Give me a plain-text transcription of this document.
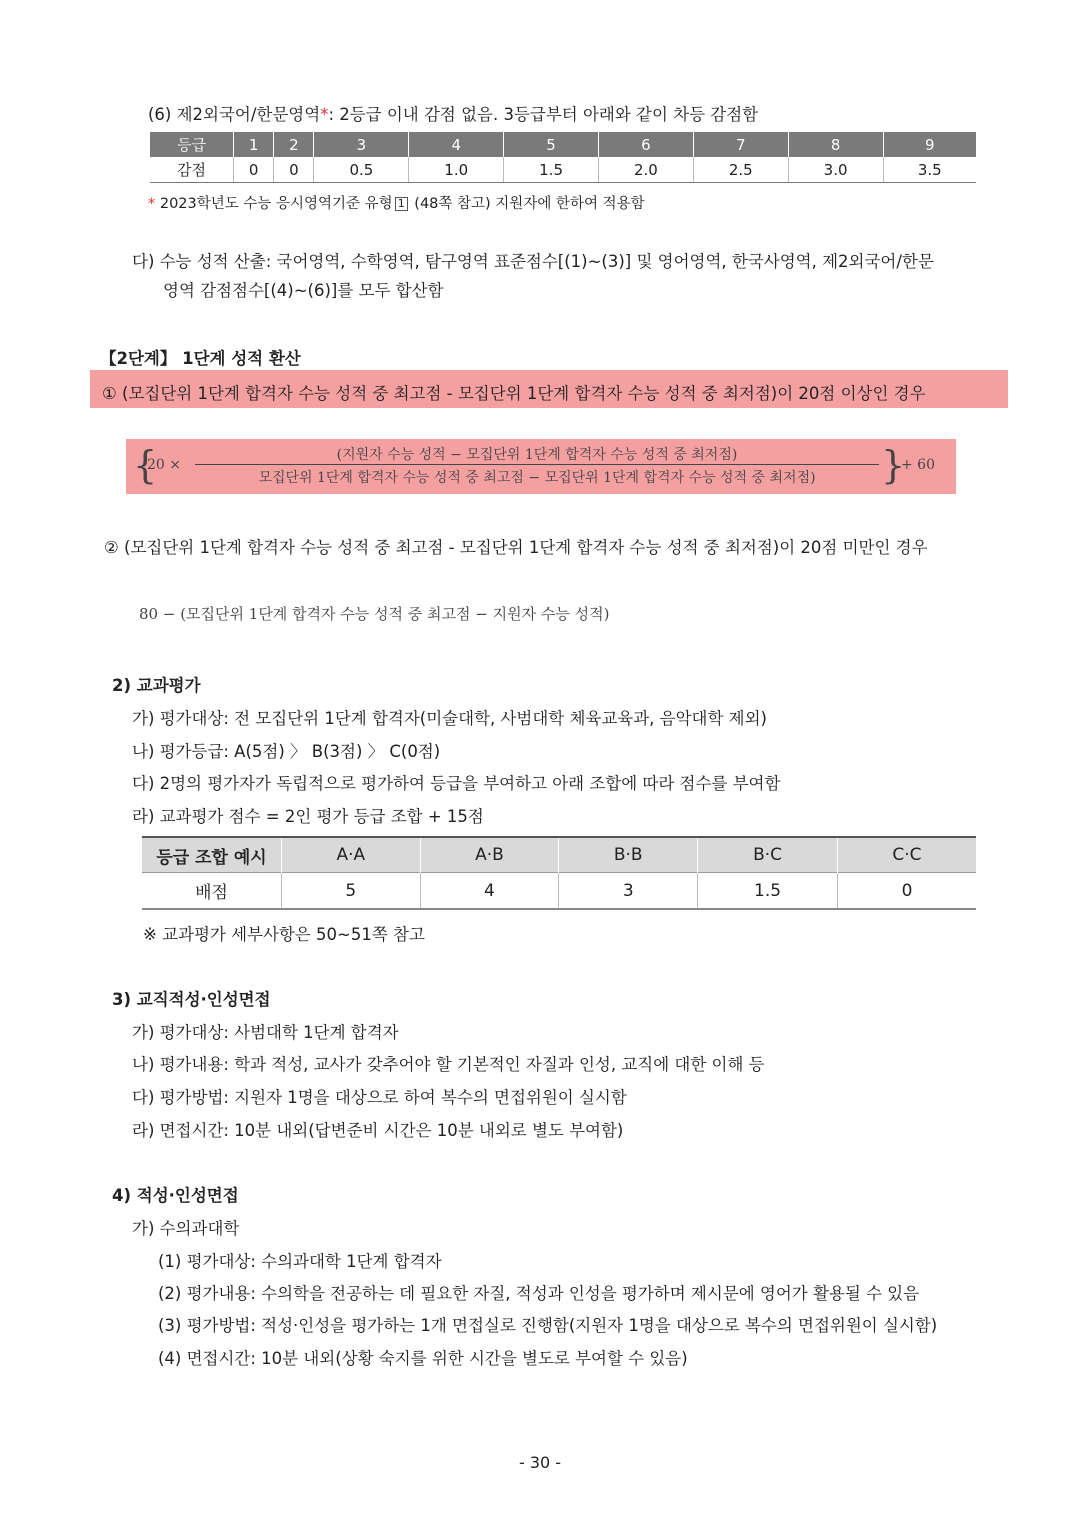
(6) 제2외국어/한문영역*: 2등급 이내 감점 없음. 3등급부터 아래와 같이 차등 감점함
등급	1	2	3	4	5	6	7	8	9
감점	0	0	0.5	1.0	1.5	2.0	2.5	3.0	3.5
* 2023학년도 수능 응시영역기준 유형 1 (48쪽 참고) 지원자에 한하여 적용함
다) 수능 성적 산출: 국어영역, 수학영역, 탐구영역 표준점수[(1)~(3)] 및 영어영역, 한국사영역, 제2외국어/한문
영역 감점점수[(4)~(6)]를 모두 합산함
【2단계】 1단계 성적 환산
① (모집단위 1단계 합격자 수능 성적 중 최고점 - 모집단위 1단계 합격자 수능 성적 중 최저점)이 20점 이상인 경우
{
20 ×
(지원자 수능 성적 − 모집단위 1단계 합격자 수능 성적 중 최저점)
모집단위 1단계 합격자 수능 성적 중 최고점 − 모집단위 1단계 합격자 수능 성적 중 최저점)	}
+ 60
② (모집단위 1단계 합격자 수능 성적 중 최고점 - 모집단위 1단계 합격자 수능 성적 중 최저점)이 20점 미만인 경우
80 − (모집단위 1단계 합격자 수능 성적 중 최고점 − 지원자 수능 성적)
2) 교과평가
가) 평가대상: 전 모집단위 1단계 합격자(미술대학, 사범대학 체육교육과, 음악대학 제외)
나) 평가등급: A(5점) 〉 B(3점) 〉 C(0점)
다) 2명의 평가자가 독립적으로 평가하여 등급을 부여하고 아래 조합에 따라 점수를 부여함
라) 교과평가 점수 = 2인 평가 등급 조합 + 15점
등급 조합 예시	A·A	A·B	B·B	B·C	C·C
배점	5	4	3	1.5	0
※ 교과평가 세부사항은 50~51쪽 참고
3) 교직적성·인성면접
가) 평가대상: 사범대학 1단계 합격자
나) 평가내용: 학과 적성, 교사가 갖추어야 할 기본적인 자질과 인성, 교직에 대한 이해 등
다) 평가방법: 지원자 1명을 대상으로 하여 복수의 면접위원이 실시함
라) 면접시간: 10분 내외(답변준비 시간은 10분 내외로 별도 부여함)
4) 적성·인성면접
가) 수의과대학
(1) 평가대상: 수의과대학 1단계 합격자
(2) 평가내용: 수의학을 전공하는 데 필요한 자질, 적성과 인성을 평가하며 제시문에 영어가 활용될 수 있음
(3) 평가방법: 적성·인성을 평가하는 1개 면접실로 진행함(지원자 1명을 대상으로 복수의 면접위원이 실시함)
(4) 면접시간: 10분 내외(상황 숙지를 위한 시간을 별도로 부여할 수 있음)
- 30 -
